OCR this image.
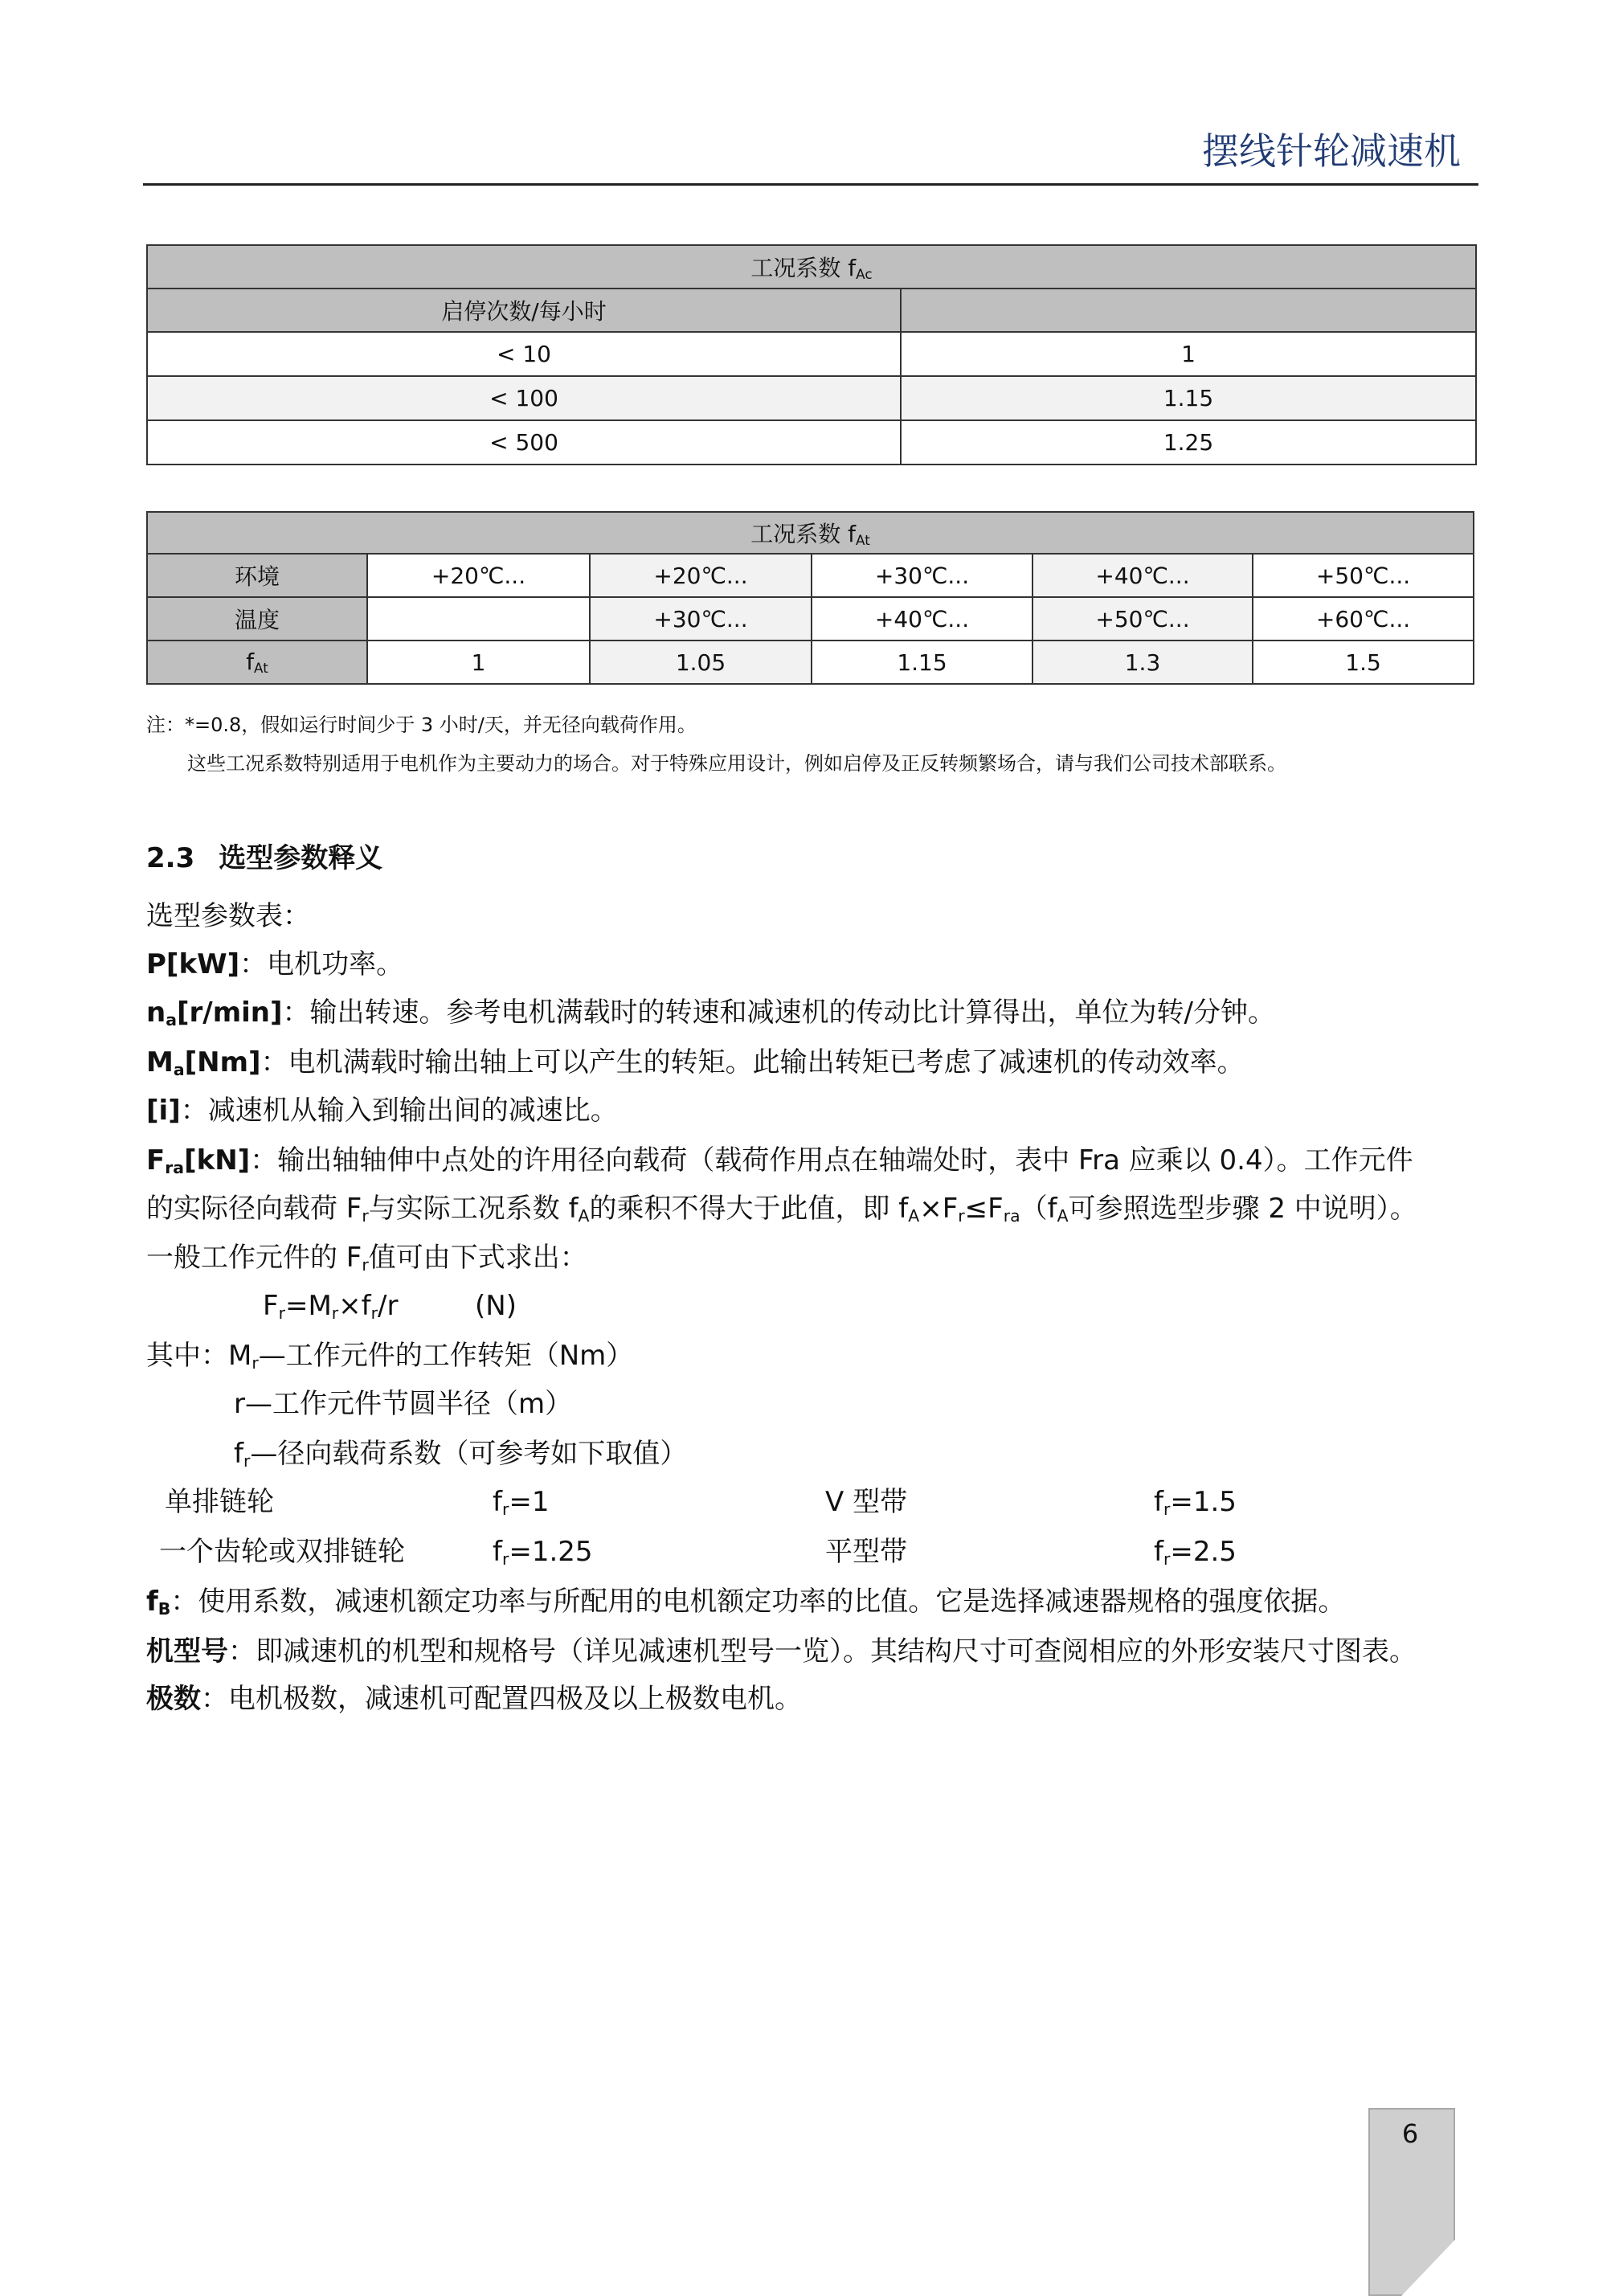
摆线针轮减速机
工况系数 fAc	
启停次数/每小时	
< 10	1
< 100	1.15
< 500	1.25
工况系数 fAt					
环境	+20℃...	+20℃...	+30℃...	+40℃...	+50℃...
温度		+30℃...	+40℃...	+50℃...	+60℃...
fAt	1	1.05	1.15	1.3	1.5
注：*=0.8，假如运行时间少于 3 小时/天，并无径向载荷作用。
这些工况系数特别适用于电机作为主要动力的场合。对于特殊应用设计，例如启停及正反转频繁场合，请与我们公司技术部联系。
2.3 选型参数释义
选型参数表：
P[kW]：电机功率。
na[r/min]：输出转速。参考电机满载时的转速和减速机的传动比计算得出，单位为转/分钟。
Ma[Nm]：电机满载时输出轴上可以产生的转矩。此输出转矩已考虑了减速机的传动效率。
[i]：减速机从输入到输出间的减速比。
Fra[kN]：输出轴轴伸中点处的许用径向载荷（载荷作用点在轴端处时，表中 Fra 应乘以 0.4）。工作元件
的实际径向载荷 Fr与实际工况系数 fA的乘积不得大于此值，即 fA×Fr≤Fra（fA可参照选型步骤 2 中说明）。
一般工作元件的 Fr值可由下式求出：
Fr=Mr×fr/r	(N)
其中：Mr—工作元件的工作转矩（Nm）
r—工作元件节圆半径（m）
fr—径向载荷系数（可参考如下取值）
单排链轮	fr=1	V 型带	fr=1.5
一个齿轮或双排链轮	fr=1.25	平型带	fr=2.5
fB：使用系数，减速机额定功率与所配用的电机额定功率的比值。它是选择减速器规格的强度依据。
机型号：即减速机的机型和规格号（详见减速机型号一览）。其结构尺寸可查阅相应的外形安装尺寸图表。
极数：电机极数，减速机可配置四极及以上极数电机。
6
